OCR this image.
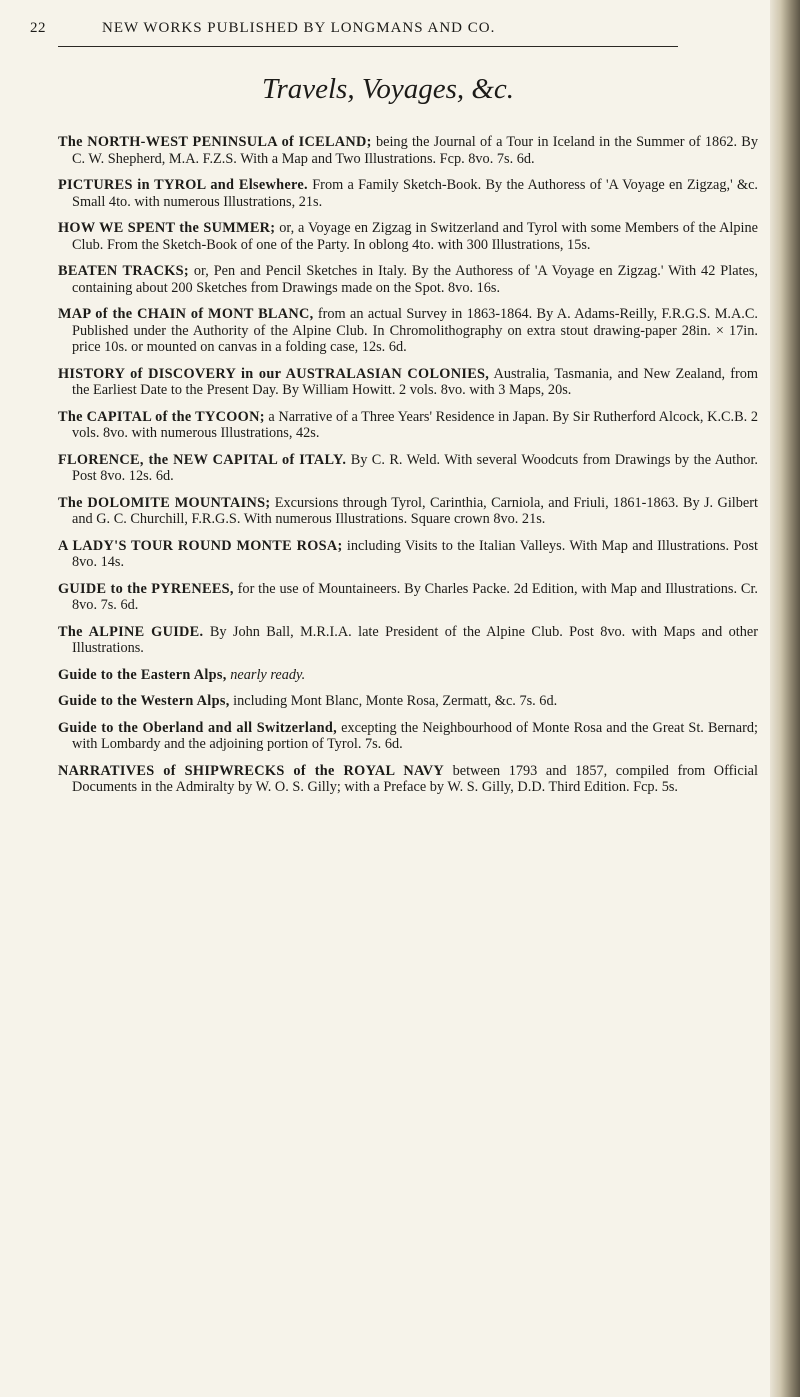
22	NEW WORKS PUBLISHED BY LONGMANS AND CO.
Travels, Voyages, &c.

The NORTH-WEST PENINSULA of ICELAND; being the Journal of a Tour in Iceland in the Summer of 1862. By C. W. Shepherd, M.A. F.Z.S. With a Map and Two Illustrations. Fcp. 8vo. 7s. 6d.

PICTURES in TYROL and Elsewhere. From a Family Sketch-Book. By the Authoress of 'A Voyage en Zigzag,' &c. Small 4to. with numerous Illustrations, 21s.

HOW WE SPENT the SUMMER; or, a Voyage en Zigzag in Switzerland and Tyrol with some Members of the Alpine Club. From the Sketch-Book of one of the Party. In oblong 4to. with 300 Illustrations, 15s.

BEATEN TRACKS; or, Pen and Pencil Sketches in Italy. By the Authoress of 'A Voyage en Zigzag.' With 42 Plates, containing about 200 Sketches from Drawings made on the Spot. 8vo. 16s.

MAP of the CHAIN of MONT BLANC, from an actual Survey in 1863-1864. By A. Adams-Reilly, F.R.G.S. M.A.C. Published under the Authority of the Alpine Club. In Chromolithography on extra stout drawing-paper 28in. × 17in. price 10s. or mounted on canvas in a folding case, 12s. 6d.

HISTORY of DISCOVERY in our AUSTRALASIAN COLONIES, Australia, Tasmania, and New Zealand, from the Earliest Date to the Present Day. By William Howitt. 2 vols. 8vo. with 3 Maps, 20s.

The CAPITAL of the TYCOON; a Narrative of a Three Years' Residence in Japan. By Sir Rutherford Alcock, K.C.B. 2 vols. 8vo. with numerous Illustrations, 42s.

FLORENCE, the NEW CAPITAL of ITALY. By C. R. Weld. With several Woodcuts from Drawings by the Author. Post 8vo. 12s. 6d.

The DOLOMITE MOUNTAINS; Excursions through Tyrol, Carinthia, Carniola, and Friuli, 1861-1863. By J. Gilbert and G. C. Churchill, F.R.G.S. With numerous Illustrations. Square crown 8vo. 21s.

A LADY'S TOUR ROUND MONTE ROSA; including Visits to the Italian Valleys. With Map and Illustrations. Post 8vo. 14s.

GUIDE to the PYRENEES, for the use of Mountaineers. By Charles Packe. 2d Edition, with Map and Illustrations. Cr. 8vo. 7s. 6d.

The ALPINE GUIDE. By John Ball, M.R.I.A. late President of the Alpine Club. Post 8vo. with Maps and other Illustrations.

Guide to the Eastern Alps, nearly ready.

Guide to the Western Alps, including Mont Blanc, Monte Rosa, Zermatt, &c. 7s. 6d.

Guide to the Oberland and all Switzerland, excepting the Neighbourhood of Monte Rosa and the Great St. Bernard; with Lombardy and the adjoining portion of Tyrol. 7s. 6d.

NARRATIVES of SHIPWRECKS of the ROYAL NAVY between 1793 and 1857, compiled from Official Documents in the Admiralty by W. O. S. Gilly; with a Preface by W. S. Gilly, D.D. Third Edition. Fcp. 5s.
